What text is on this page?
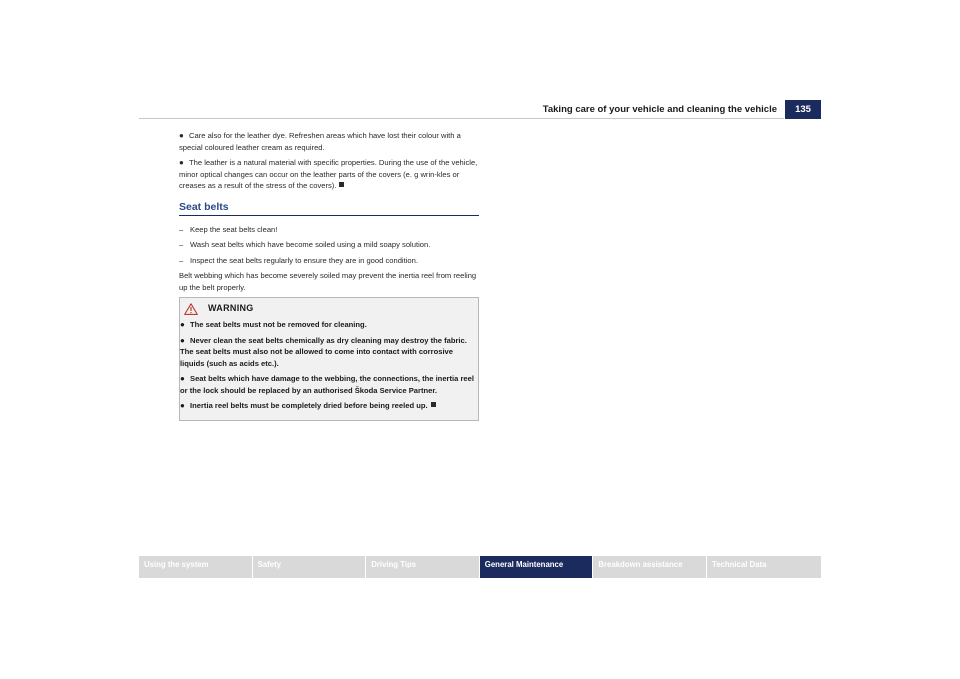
Taking care of your vehicle and cleaning the vehicle	135

● Care also for the leather dye. Refreshen areas which have lost their colour with a special coloured leather cream as required.

● The leather is a natural material with specific properties. During the use of the vehicle, minor optical changes can occur on the leather parts of the covers (e. g wrin-kles or creases as a result of the stress of the covers).

Seat belts

– Keep the seat belts clean!

– Wash seat belts which have become soiled using a mild soapy solution.

– Inspect the seat belts regularly to ensure they are in good condition.

Belt webbing which has become severely soiled may prevent the inertia reel from reeling up the belt properly.

WARNING

● The seat belts must not be removed for cleaning.

● Never clean the seat belts chemically as dry cleaning may destroy the fabric. The seat belts must also not be allowed to come into contact with corrosive liquids (such as acids etc.).

● Seat belts which have damage to the webbing, the connections, the inertia reel or the lock should be replaced by an authorised Škoda Service Partner.

● Inertia reel belts must be completely dried before being reeled up.

Using the system	Safety	Driving Tips	General Maintenance	Breakdown assistance	Technical Data
